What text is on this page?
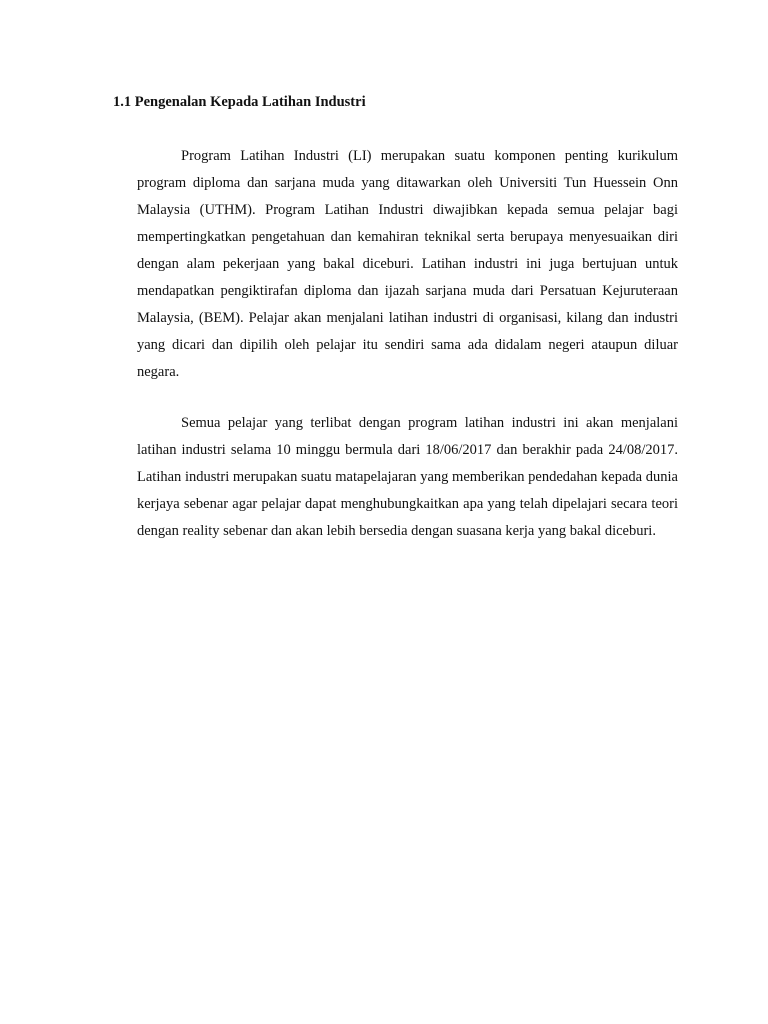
1.1 Pengenalan Kepada Latihan Industri

Program Latihan Industri (LI) merupakan suatu komponen penting kurikulum program diploma dan sarjana muda yang ditawarkan oleh Universiti Tun Huessein Onn Malaysia (UTHM). Program Latihan Industri diwajibkan kepada semua pelajar bagi mempertingkatkan pengetahuan dan kemahiran teknikal serta berupaya menyesuaikan diri dengan alam pekerjaan yang bakal diceburi. Latihan industri ini juga bertujuan untuk mendapatkan pengiktirafan diploma dan ijazah sarjana muda dari Persatuan Kejuruteraan Malaysia, (BEM). Pelajar akan menjalani latihan industri di organisasi, kilang dan industri yang dicari dan dipilih oleh pelajar itu sendiri sama ada didalam negeri ataupun diluar negara.

Semua pelajar yang terlibat dengan program latihan industri ini akan menjalani latihan industri selama 10 minggu bermula dari 18/06/2017 dan berakhir pada 24/08/2017. Latihan industri merupakan suatu matapelajaran yang memberikan pendedahan kepada dunia kerjaya sebenar agar pelajar dapat menghubungkaitkan apa yang telah dipelajari secara teori dengan reality sebenar dan akan lebih bersedia dengan suasana kerja yang bakal diceburi.
